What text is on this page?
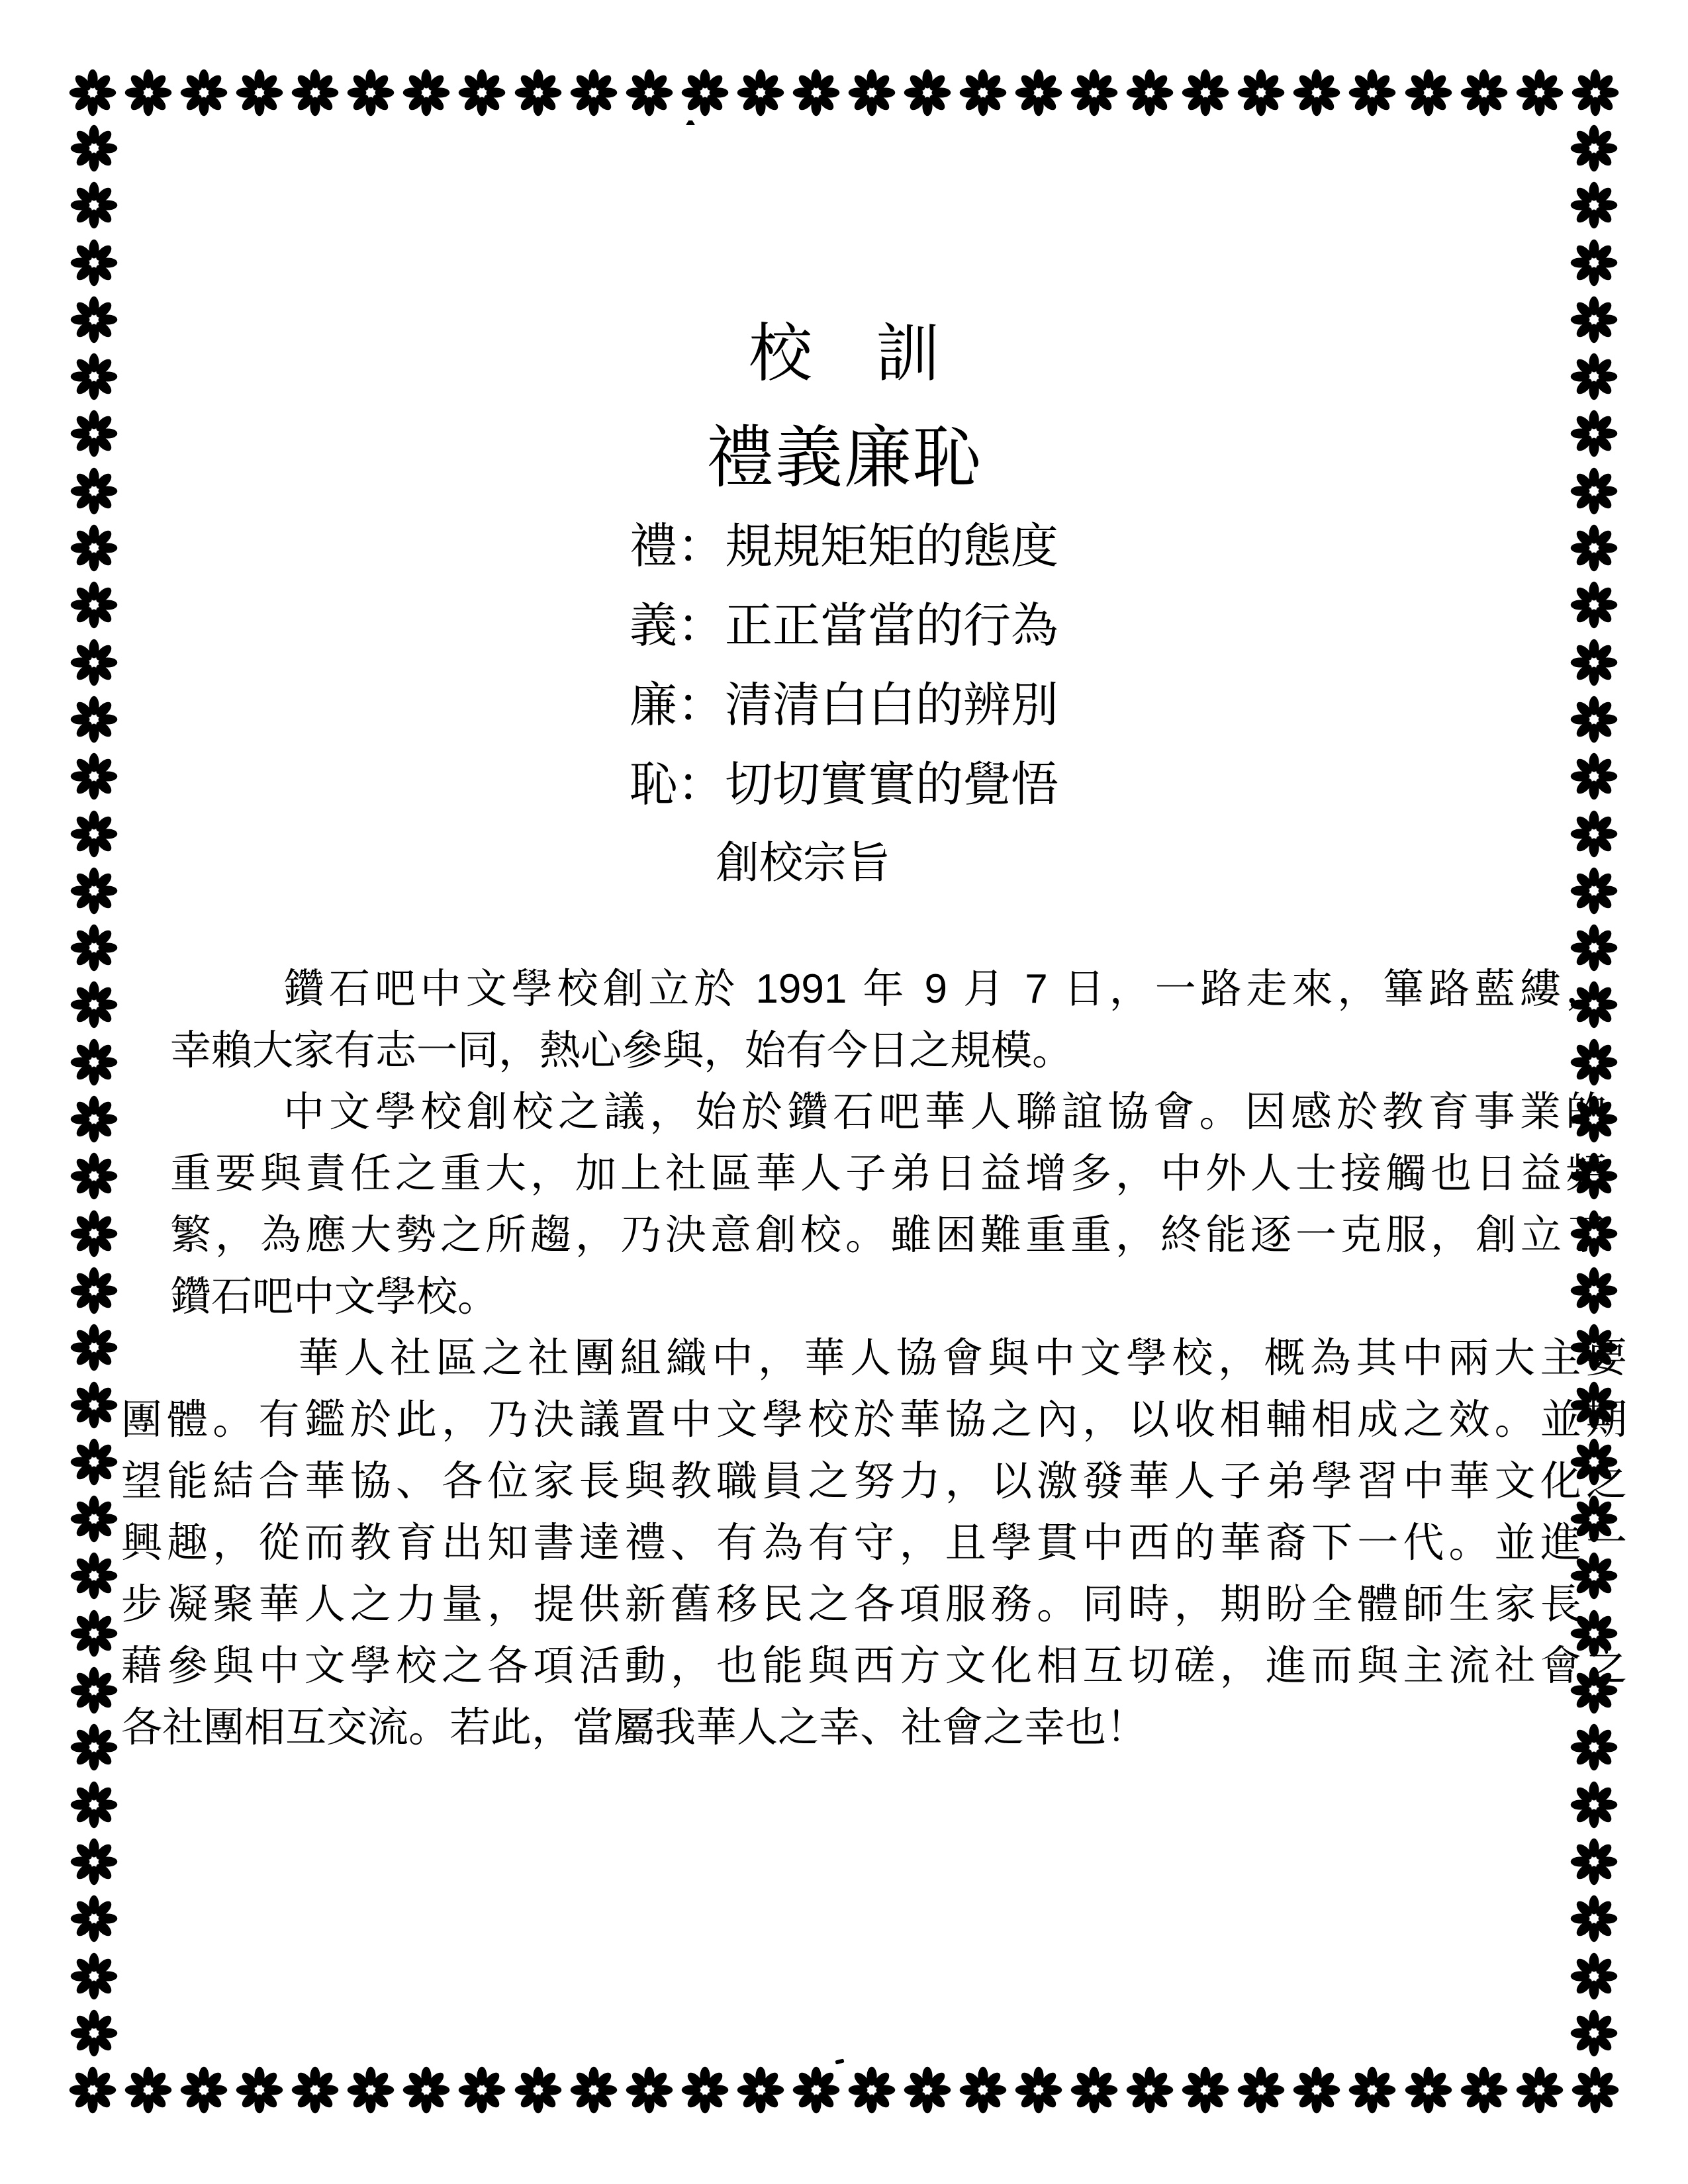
校　訓
禮義廉恥
禮：規規矩矩的態度
義：正正當當的行為
廉：清清白白的辨別
恥：切切實實的覺悟
創校宗旨
鑽石吧中文學校創立於 1991 年 9 月 7 日，一路走來，篳路藍縷，
幸賴大家有志一同，熱心參與，始有今日之規模。
中文學校創校之議，始於鑽石吧華人聯誼協會。因感於教育事業的
重要與責任之重大，加上社區華人子弟日益增多，中外人士接觸也日益頻
繁，為應大勢之所趨，乃決意創校。雖困難重重，終能逐一克服，創立了
鑽石吧中文學校。
華人社區之社團組織中，華人協會與中文學校，概為其中兩大主要
團體。有鑑於此，乃決議置中文學校於華協之內，以收相輔相成之效。並期
望能結合華協、各位家長與教職員之努力，以激發華人子弟學習中華文化之
興趣，從而教育出知書達禮、有為有守，且學貫中西的華裔下一代。並進一
步凝聚華人之力量，提供新舊移民之各項服務。同時，期盼全體師生家長，
藉參與中文學校之各項活動，也能與西方文化相互切磋，進而與主流社會之
各社團相互交流。若此，當屬我華人之幸、社會之幸也！
